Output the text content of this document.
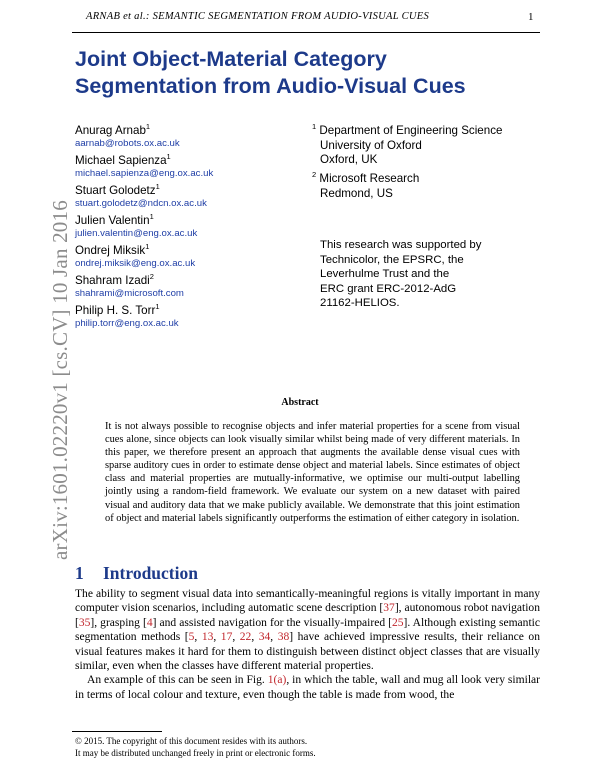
ARNAB et al.: SEMANTIC SEGMENTATION FROM AUDIO-VISUAL CUES	1
Joint Object-Material Category
Segmentation from Audio-Visual Cues
Anurag Arnab$^1$
aarnab@robots.ox.ac.uk
Michael Sapienza$^1$
michael.sapienza@eng.ox.ac.uk
Stuart Golodetz$^1$
stuart.golodetz@ndcn.ox.ac.uk
Julien Valentin$^1$
julien.valentin@eng.ox.ac.uk
Ondrej Miksik$^1$
ondrej.miksik@eng.ox.ac.uk
Shahram Izadi$^2$
shahrami@microsoft.com
Philip H. S. Torr$^1$
philip.torr@eng.ox.ac.uk
$^1$ Department of Engineering Science
University of Oxford
Oxford, UK
$^2$ Microsoft Research
Redmond, US
This research was supported by
Technicolor, the EPSRC, the
Leverhulme Trust and the
ERC grant ERC-2012-AdG
21162-HELIOS.
arXiv:1601.02220v1 [cs.CV] 10 Jan 2016	Abstract
It is not always possible to recognise objects and infer material properties for a scene from visual cues alone, since objects can look visually similar whilst being made of very different materials. In this paper, we therefore present an approach that augments the available dense visual cues with sparse auditory cues in order to estimate dense object and material labels. Since estimates of object class and material properties are mutually-informative, we optimise our multi-output labelling jointly using a random-field framework. We evaluate our system on a new dataset with paired visual and auditory data that we make publicly available. We demonstrate that this joint estimation of object and material labels significantly outperforms the estimation of either category in isolation.
1 Introduction

The ability to segment visual data into semantically-meaningful regions is vitally important in many computer vision scenarios, including automatic scene description [37], autonomous robot navigation [35], grasping [4] and assisted navigation for the visually-impaired [25]. Although existing semantic segmentation methods [5, 13, 17, 22, 34, 38] have achieved impressive results, their reliance on visual features makes it hard for them to distinguish between distinct object classes that are visually similar, even when the classes have different material properties.

An example of this can be seen in Fig. 1(a), in which the table, wall and mug all look very similar in terms of local colour and texture, even though the table is made from wood, the

© 2015. The copyright of this document resides with its authors.
It may be distributed unchanged freely in print or electronic forms.
